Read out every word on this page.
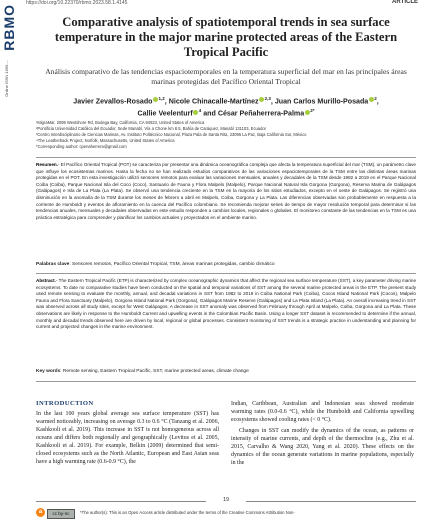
RBMO
Online ISSN 1695-...
https://doi.org/10.22370/rbmo.2023.58.1.4145	ARTICLE
Comparative analysis of spatiotemporal trends in sea surface temperature in the major marine protected areas of the Eastern Tropical Pacific
Análisis comparativo de las tendencias espaciotemporales en la temperatura superficial del mar en las principales áreas marinas protegidas del Pacífico Oriental Tropical
Javier Zevallos-Rosado $^{1,2}$, Nicole Chinacalle-Martínez $^{2,3}$, Juan Carlos Murillo-Posada $^2$,
Callie Veelenturf $^4$ and César Peñaherrera-Palma $^{2*}$
¹MigraMar, 2099 Westshore Rd, Bodega Bay, California, CA 94923, United States of America
²Pontificia Universidad Católica del Ecuador, Sede Manabí, Vía a Chone km 8.5, Bahía de Caráquez, Manabí 131103, Ecuador
³Centro Interdisciplinario de Ciencias Marinas, Av. Instituto Politécnico Nacional, Plaza Pala de Santa Rita, 23096 La Paz, Baja California Sur, México
⁴The Leatherback Project, Norfolk, Massachusetts, United States of America
*Corresponding author: cpenaherrera@gmail.com
Resumen.- El Pacífico Oriental Tropical (POT) se caracteriza por presentar una dinámica oceanográfica compleja que afecta la temperatura superficial del mar (TSM), un parámetro clave que influye los ecosistemas marinos. Hasta la fecha no se han realizado estudios comparativos de las variaciones espaciotemporales de la TSM entre las distintas áreas marinas protegidas en el POT. En esta investigación utilizó sensores remotos para evaluar las variaciones mensuales, anuales y decadales de la TSM desde 1982 a 2019 en el Parque Nacional Coiba (Coiba), Parque Nacional Isla del Coco (Coco), Santuario de Fauna y Flora Malpelo (Malpelo), Parque Nacional Natural Isla Gorgona (Gorgona), Reserva Marina de Galápagos (Galápagos) e Isla de La Plata (La Plata). Se observó una tendencia creciente en la TSM en la mayoría de los sitios estudiados, excepto en el oeste de Galápagos. Se registró una disminución en la anomalía de la TSM durante los meses de febrero a abril en Malpelo, Coiba, Gorgona y La Plata. Las diferencias observadas son probablemente en respuesta a la corriente de Humboldt y eventos de afloramiento en la cuenca del Pacífico colombiano. Se recomienda mejorar series de tiempo de mayor resolución temporal para determinar si las tendencias anuales, mensuales y decadales observadas en este estudio responden a cambios locales, regionales o globales. El monitoreo constante de las tendencias en la TSM es una práctica estratégica para comprender y planificar los cambios actuales y proyectados en el ambiente marino.
Palabras clave: Sensores remotos, Pacífico Oriental Tropical, TSM, áreas marinas protegidas, cambio climático
Abstract.- The Eastern Tropical Pacific (ETP) is characterized by complex oceanographic dynamics that affect the regional sea surface temperature (SST), a key parameter driving marine ecosystems. To date no comparative studies have been conducted on the spatial and temporal variations of SST among the several marine protected areas in the ETP. The present study used remote sensing to evaluate the monthly, annual, and decadal variations in SST from 1982 to 2019 in Coiba National Park (Coiba), Cocos Island National Park (Cocos), Malpelo Fauna and Flora Sanctuary (Malpelo), Gorgona Island National Park (Gorgona), Galápagos Marine Reserve (Galápagos) and La Plata Island (La Plata). An overall increasing trend in SST was observed across all study sites, except for West Galápagos. A decrease in SST anomaly was observed from February through April at Malpelo, Coiba, Gorgona and La Plata. These observations are likely in response to the Humboldt Current and upwelling events in the Colombian Pacific Basin. Using a longer SST dataset is recommended to determine if the annual, monthly and decadal trends observed here are driven by local, regional or global processes. Consistent monitoring of SST trends is a strategic practice in understanding and planning for current and projected changes in the marine environment.
Key words: Remote sensing, Eastern Tropical Pacific, SST, marine protected areas, climate change
INTRODUCTION

In the last 100 years global average sea surface temperature (SST) has warmed noticeably, increasing on average 0.3 to 0.6 °C (Tanzang et al. 2006, Kashkooli et al. 2019). This increase in SST is not homogeneous across all oceans and differs both regionally and geographically (Levitus et al. 2005, Kashkooli et al. 2019). For example, Belkin (2009) determined that semi-closed ecosystems such as the North Atlantic, European and East Asian seas have a high warming rate (0.6-0.9 °C), the

Indian, Caribbean, Australian and Indonesian seas showed moderate warming rates (0.0-0.6 °C), while the Humboldt and California upwelling ecosystems showed cooling rates (< 0 °C).

Changes in SST can modify the dynamics of the ocean, as patterns or intensity of marine currents, and depth of the thermocline (e.g., Zhu et al. 2015, Carvalho & Wang 2020, Yang et al. 2020). These effects on the dynamics of the ocean generate variations in marine populations, especially in the

19
a	cc by-nc	*The author(s). This is an Open Access article distributed under the terms of the Creative Commons Attribution Non-
